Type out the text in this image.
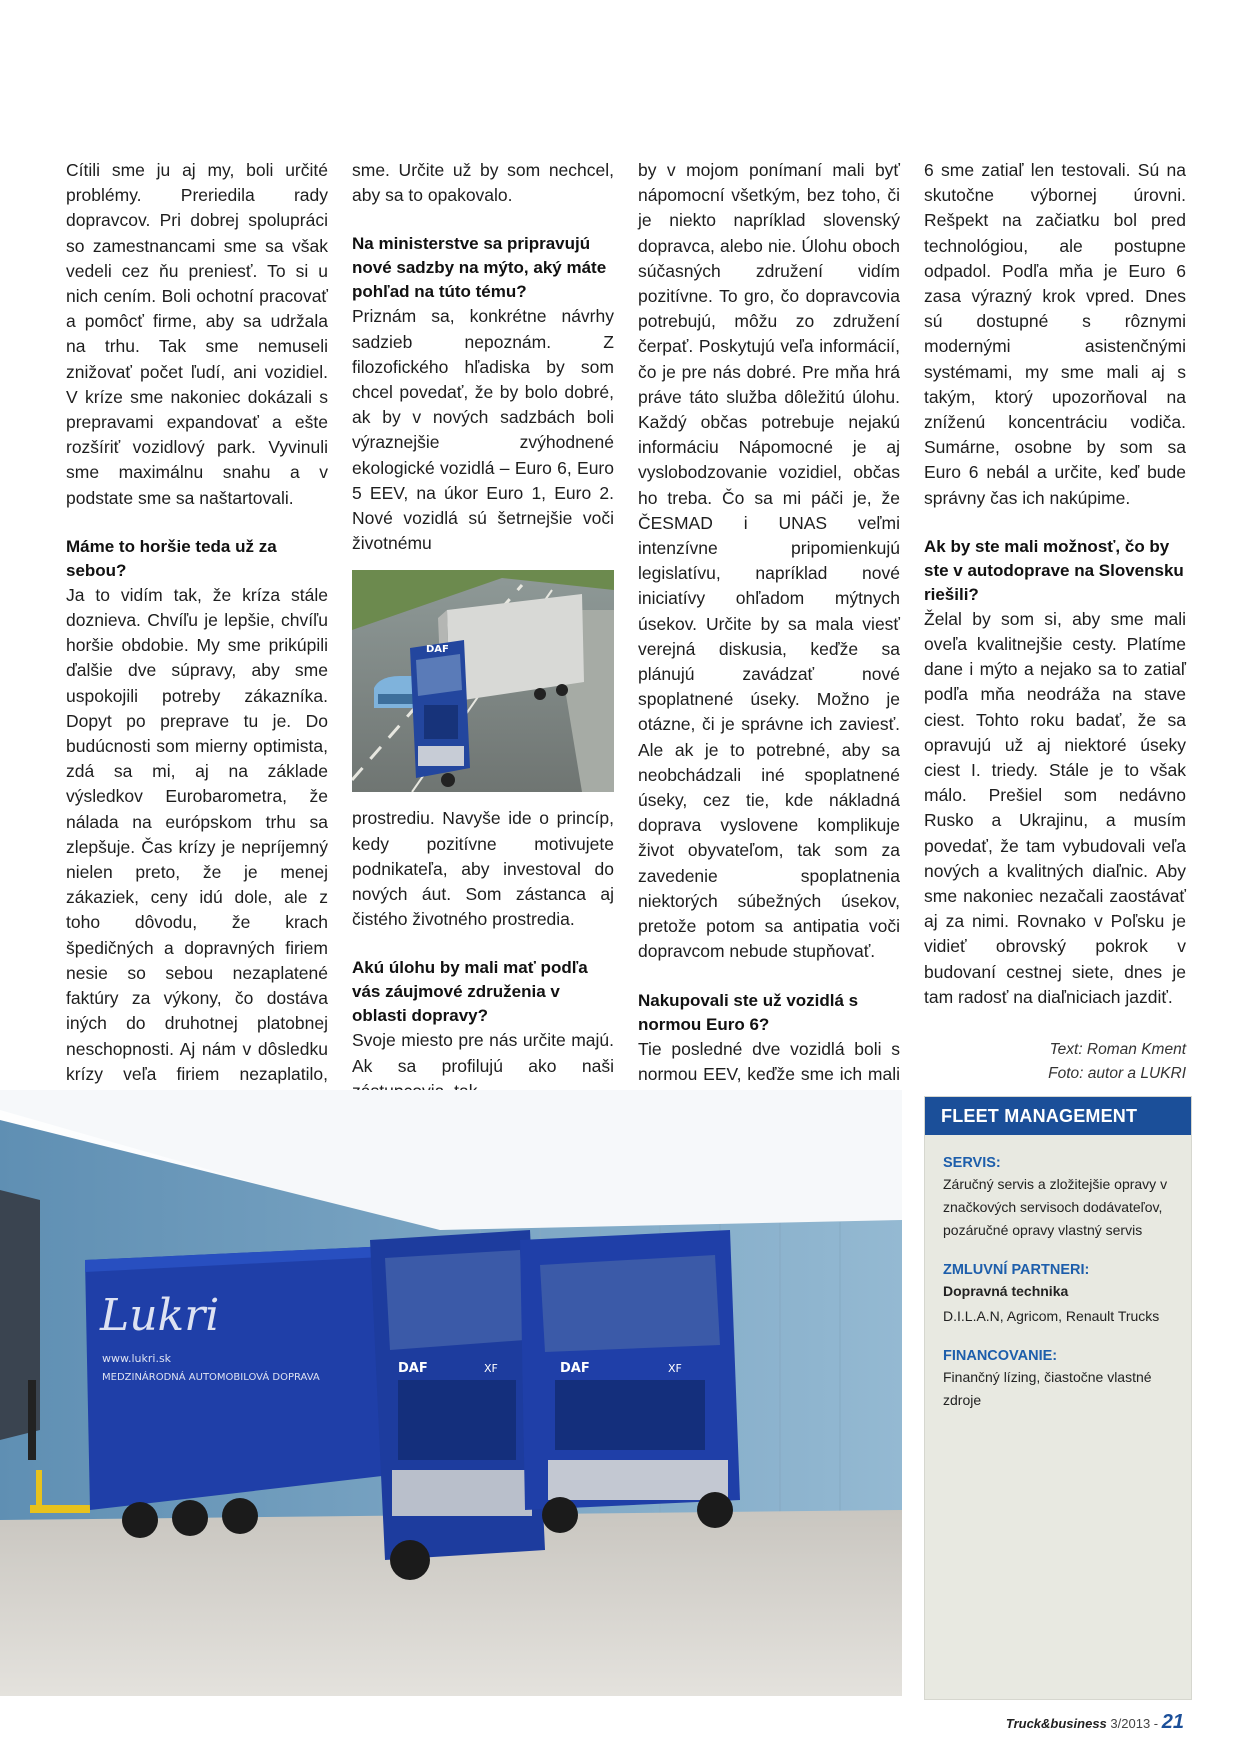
Cítili sme ju aj my, boli určité problémy. Preriedila rady dopravcov. Pri dobrej spolupráci so zamestnancami sme sa však vedeli cez ňu preniesť. To si u nich cením. Boli ochotní pracovať a pomôcť firme, aby sa udržala na trhu. Tak sme nemuseli znižovať počet ľudí, ani vozidiel. V kríze sme nakoniec dokázali s prepravami expandovať a ešte rozšíriť vozidlový park. Vyvinuli sme maximálnu snahu a v podstate sme sa naštartovali.

Máme to horšie teda už za sebou?

Ja to vidím tak, že kríza stále doznieva. Chvíľu je lepšie, chvíľu horšie obdobie. My sme prikúpili ďalšie dve súpravy, aby sme uspokojili potreby zákazníka. Dopyt po preprave tu je. Do budúcnosti som mierny optimista, zdá sa mi, aj na základe výsledkov Eurobarometra, že nálada na európskom trhu sa zlepšuje. Čas krízy je nepríjemný nielen preto, že je menej zákaziek, ceny idú dole, ale z toho dôvodu, že krach špedičných a dopravných firiem nesie so sebou nezaplatené faktúry za výkony, čo dostáva iných do druhotnej platobnej neschopnosti. Aj nám v dôsledku krízy veľa firiem nezaplatilo,

sme. Určite už by som nechcel, aby sa to opakovalo.

Na ministerstve sa pripravujú nové sadzby na mýto, aký máte pohľad na túto tému?

Priznám sa, konkrétne návrhy sadzieb nepoznám. Z filozofického hľadiska by som chcel povedať, že by bolo dobré, ak by v nových sadzbách boli výraznejšie zvýhodnené ekologické vozidlá – Euro 6, Euro 5 EEV, na úkor Euro 1, Euro 2. Nové vozidlá sú šetrnejšie voči životnému

DAF

prostrediu. Navyše ide o princíp, kedy pozitívne motivujete podnikateľa, aby investoval do nových áut. Som zástanca aj čistého životného prostredia.

Akú úlohu by mali mať podľa vás záujmové združenia v oblasti dopravy?

Svoje miesto pre nás určite majú. Ak sa profilujú ako naši

by v mojom ponímaní mali byť nápomocní všetkým, bez toho, či je niekto napríklad slovenský dopravca, alebo nie. Úlohu oboch súčasných združení vidím pozitívne. To gro, čo dopravcovia potrebujú, môžu zo združení čerpať. Poskytujú veľa informácií, čo je pre nás dobré. Pre mňa hrá práve táto služba dôležitú úlohu. Každý občas potrebuje nejakú informáciu Nápomocné je aj vyslobodzovanie vozidiel, občas ho treba. Čo sa mi páči je, že ČESMAD i UNAS veľmi intenzívne pripomienkujú legislatívu, napríklad nové iniciatívy ohľadom mýtnych úsekov. Určite by sa mala viesť verejná diskusia, keďže sa plánujú zavádzať nové spoplatnené úseky. Možno je otázne, či je správne ich zaviesť. Ale ak je to potrebné, aby sa neobchádzali iné spoplatnené úseky, cez tie, kde nákladná doprava vyslovene komplikuje život obyvateľom, tak som za zavedenie spoplatnenia niektorých súbežných úsekov, pretože potom sa antipatia voči dopravcom nebude stupňovať.

Nakupovali ste už vozidlá s normou Euro 6?

Tie posledné dve vozidlá boli s normou EEV, keďže sme ich mali

6 sme zatiaľ len testovali. Sú na skutočne výbornej úrovni. Rešpekt na začiatku bol pred technológiou, ale postupne odpadol. Podľa mňa je Euro 6 zasa výrazný krok vpred. Dnes sú dostupné s rôznymi modernými asistenčnými systémami, my sme mali aj s takým, ktorý upozorňoval na zníženú koncentráciu vodiča. Sumárne, osobne by som sa Euro 6 nebál a určite, keď bude správny čas ich nakúpime.

Ak by ste mali možnosť, čo by ste v autodoprave na Slovensku riešili?

Želal by som si, aby sme mali oveľa kvalitnejšie cesty. Platíme dane i mýto a nejako sa to zatiaľ podľa mňa neodráža na stave ciest. Tohto roku badať, že sa opravujú už aj niektoré úseky ciest I. triedy. Stále je to však málo. Prešiel som nedávno Rusko a Ukrajinu, a musím povedať, že tam vybudovali veľa nových a kvalitných diaľnic. Aby sme nakoniec nezačali zaostávať aj za nimi. Rovnako v Poľsku je vidieť obrovský pokrok v budovaní cestnej siete, dnes je tam radosť na diaľniciach jazdiť.

Text: Roman Kment
Foto: autor a LUKRI
Lukri
www.lukri.sk
MEDZINÁRODNÁ AUTOMOBILOVÁ DOPRAVA
DAF	XF	DAF	XF
FLEET MANAGEMENT
SERVIS:
Záručný servis a zložitejšie opravy v značkových servisoch dodávateľov, pozáručné opravy vlastný servis
ZMLUVNÍ PARTNERI:
Dopravná technika
D.I.L.A.N, Agricom, Renault Trucks
FINANCOVANIE:
Finančný lízing, čiastočne vlastné zdroje
Truck&business 3/2013 - 21
